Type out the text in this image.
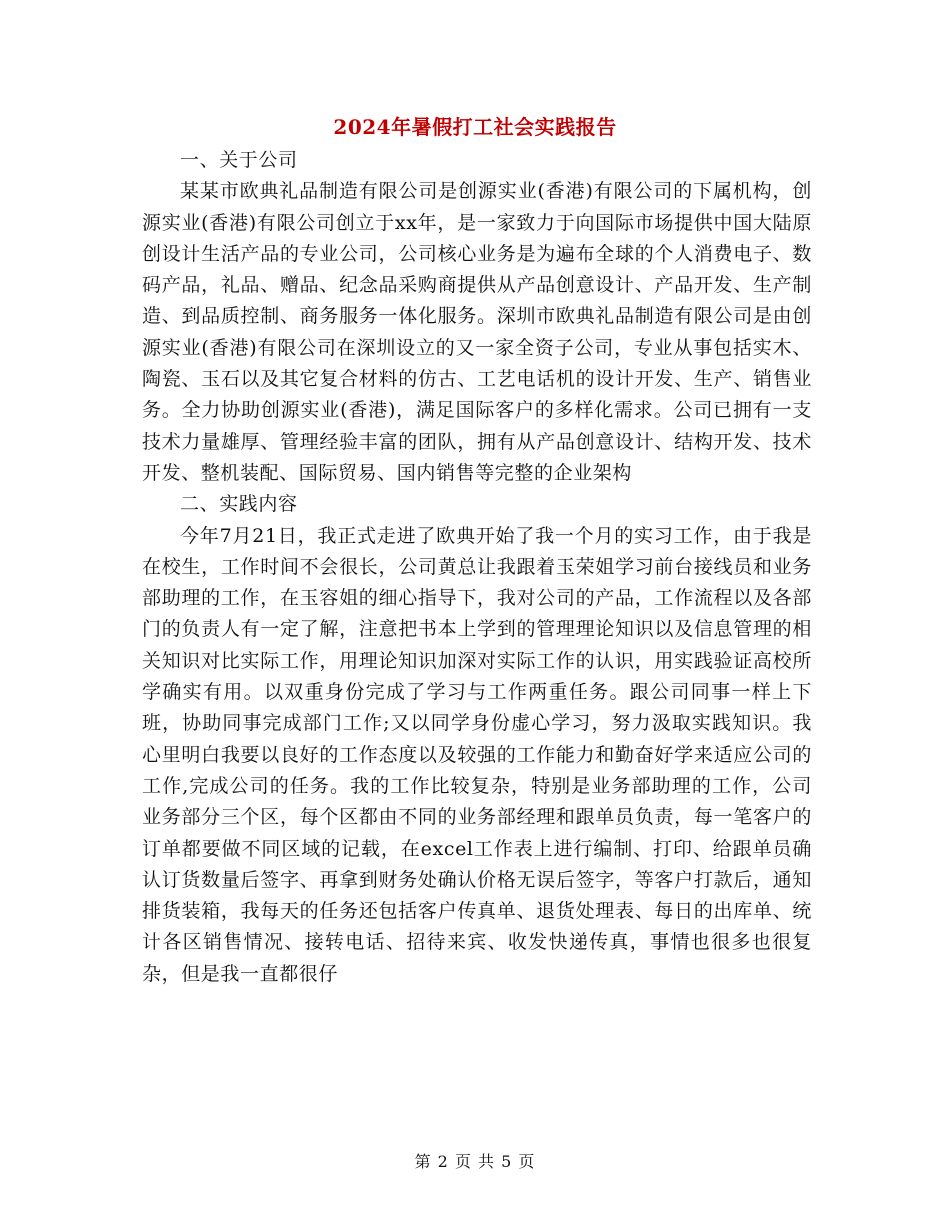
2024年暑假打工社会实践报告

一、关于公司

某某市欧典礼品制造有限公司是创源实业(香港)有限公司的下属机构，创源实业(香港)有限公司创立于xx年，是一家致力于向国际市场提供中国大陆原创设计生活产品的专业公司，公司核心业务是为遍布全球的个人消费电子、数码产品，礼品、赠品、纪念品采购商提供从产品创意设计、产品开发、生产制造、到品质控制、商务服务一体化服务。深圳市欧典礼品制造有限公司是由创源实业(香港)有限公司在深圳设立的又一家全资子公司，专业从事包括实木、陶瓷、玉石以及其它复合材料的仿古、工艺电话机的设计开发、生产、销售业务。全力协助创源实业(香港)，满足国际客户的多样化需求。公司已拥有一支技术力量雄厚、管理经验丰富的团队，拥有从产品创意设计、结构开发、技术开发、整机装配、国际贸易、国内销售等完整的企业架构

二、实践内容

今年7月21日，我正式走进了欧典开始了我一个月的实习工作，由于我是在校生，工作时间不会很长，公司黄总让我跟着玉荣姐学习前台接线员和业务部助理的工作，在玉容姐的细心指导下，我对公司的产品，工作流程以及各部门的负责人有一定了解，注意把书本上学到的管理理论知识以及信息管理的相关知识对比实际工作，用理论知识加深对实际工作的认识，用实践验证高校所学确实有用。以双重身份完成了学习与工作两重任务。跟公司同事一样上下班，协助同事完成部门工作;又以同学身份虚心学习，努力汲取实践知识。我心里明白我要以良好的工作态度以及较强的工作能力和勤奋好学来适应公司的工作,完成公司的任务。我的工作比较复杂，特别是业务部助理的工作，公司业务部分三个区，每个区都由不同的业务部经理和跟单员负责，每一笔客户的订单都要做不同区域的记载，在excel工作表上进行编制、打印、给跟单员确认订货数量后签字、再拿到财务处确认价格无误后签字，等客户打款后，通知排货装箱，我每天的任务还包括客户传真单、退货处理表、每日的出库单、统计各区销售情况、接转电话、招待来宾、收发快递传真，事情也很多也很复杂，但是我一直都很仔

第 2 页 共 5 页
